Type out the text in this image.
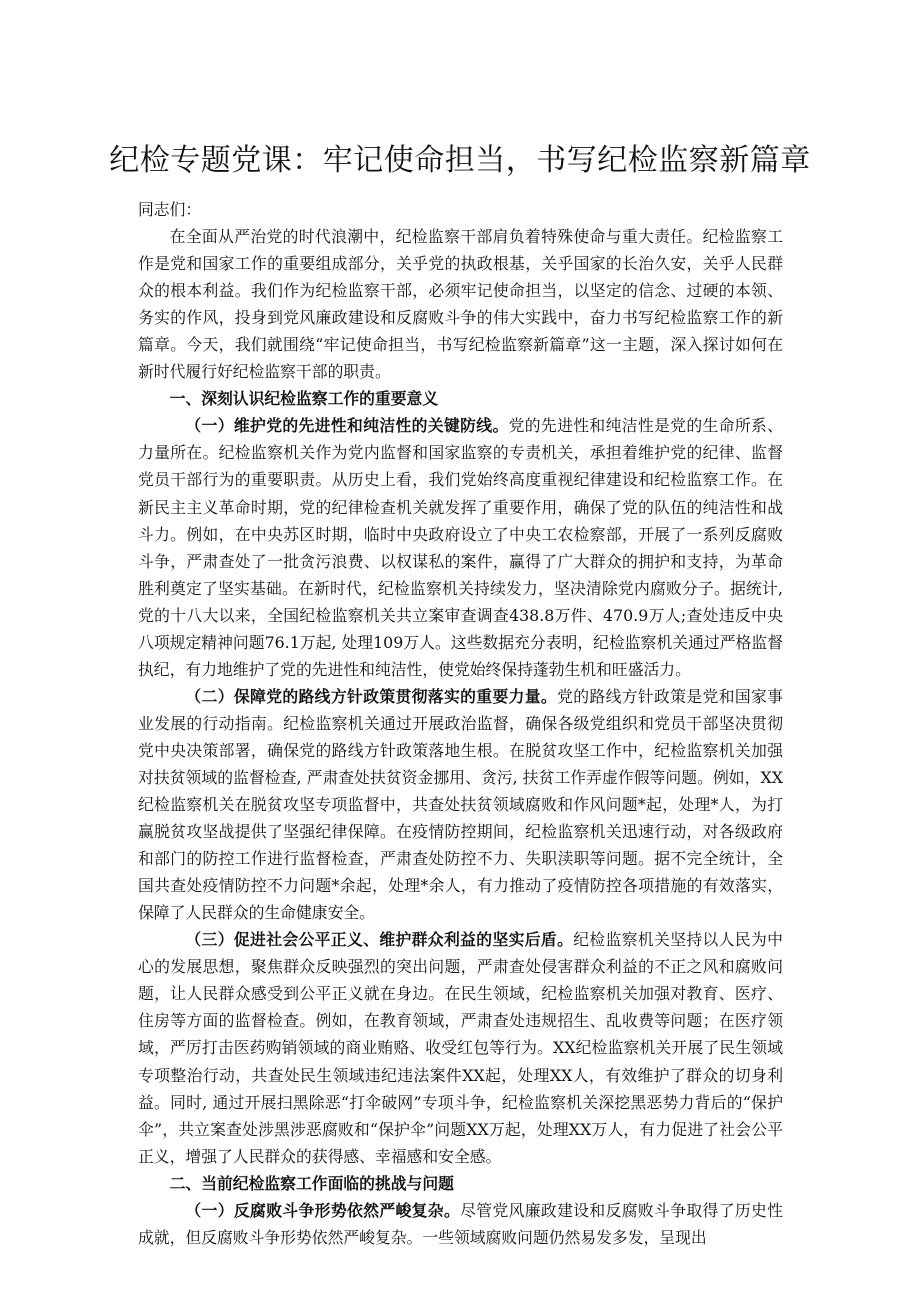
纪检专题党课：牢记使命担当，书写纪检监察新篇章

同志们：

在全面从严治党的时代浪潮中，纪检监察干部肩负着特殊使命与重大责任。纪检监察工作是党和国家工作的重要组成部分，关乎党的执政根基，关乎国家的长治久安，关乎人民群众的根本利益。我们作为纪检监察干部，必须牢记使命担当，以坚定的信念、过硬的本领、务实的作风，投身到党风廉政建设和反腐败斗争的伟大实践中，奋力书写纪检监察工作的新篇章。今天，我们就围绕“牢记使命担当，书写纪检监察新篇章”这一主题，深入探讨如何在新时代履行好纪检监察干部的职责。

一、深刻认识纪检监察工作的重要意义

（一）维护党的先进性和纯洁性的关键防线。党的先进性和纯洁性是党的生命所系、力量所在。纪检监察机关作为党内监督和国家监察的专责机关，承担着维护党的纪律、监督党员干部行为的重要职责。从历史上看，我们党始终高度重视纪律建设和纪检监察工作。在新民主主义革命时期，党的纪律检查机关就发挥了重要作用，确保了党的队伍的纯洁性和战斗力。例如，在中央苏区时期，临时中央政府设立了中央工农检察部，开展了一系列反腐败斗争，严肃查处了一批贪污浪费、以权谋私的案件，赢得了广大群众的拥护和支持，为革命胜利奠定了坚实基础。在新时代，纪检监察机关持续发力，坚决清除党内腐败分子。据统计,党的十八大以来，全国纪检监察机关共立案审查调查438.8万件、470.9万人;查处违反中央八项规定精神问题76.1万起, 处理109万人。这些数据充分表明，纪检监察机关通过严格监督执纪，有力地维护了党的先进性和纯洁性，使党始终保持蓬勃生机和旺盛活力。

（二）保障党的路线方针政策贯彻落实的重要力量。党的路线方针政策是党和国家事业发展的行动指南。纪检监察机关通过开展政治监督，确保各级党组织和党员干部坚决贯彻党中央决策部署，确保党的路线方针政策落地生根。在脱贫攻坚工作中，纪检监察机关加强对扶贫领域的监督检查, 严肃查处扶贫资金挪用、贪污, 扶贫工作弄虚作假等问题。例如，XX纪检监察机关在脱贫攻坚专项监督中，共查处扶贫领域腐败和作风问题*起，处理*人，为打赢脱贫攻坚战提供了坚强纪律保障。在疫情防控期间，纪检监察机关迅速行动，对各级政府和部门的防控工作进行监督检查，严肃查处防控不力、失职渎职等问题。据不完全统计，全国共查处疫情防控不力问题*余起，处理*余人，有力推动了疫情防控各项措施的有效落实，保障了人民群众的生命健康安全。

（三）促进社会公平正义、维护群众利益的坚实后盾。纪检监察机关坚持以人民为中心的发展思想，聚焦群众反映强烈的突出问题，严肃查处侵害群众利益的不正之风和腐败问题，让人民群众感受到公平正义就在身边。在民生领域，纪检监察机关加强对教育、医疗、住房等方面的监督检查。例如，在教育领域，严肃查处违规招生、乱收费等问题；在医疗领域，严厉打击医药购销领域的商业贿赂、收受红包等行为。XX纪检监察机关开展了民生领域专项整治行动，共查处民生领域违纪违法案件XX起，处理XX人，有效维护了群众的切身利益。同时, 通过开展扫黑除恶“打伞破网”专项斗争，纪检监察机关深挖黑恶势力背后的“保护伞”，共立案查处涉黑涉恶腐败和“保护伞”问题XX万起，处理XX万人，有力促进了社会公平正义，增强了人民群众的获得感、幸福感和安全感。

二、当前纪检监察工作面临的挑战与问题

（一）反腐败斗争形势依然严峻复杂。尽管党风廉政建设和反腐败斗争取得了历史性成就，但反腐败斗争形势依然严峻复杂。一些领域腐败问题仍然易发多发，呈现出
